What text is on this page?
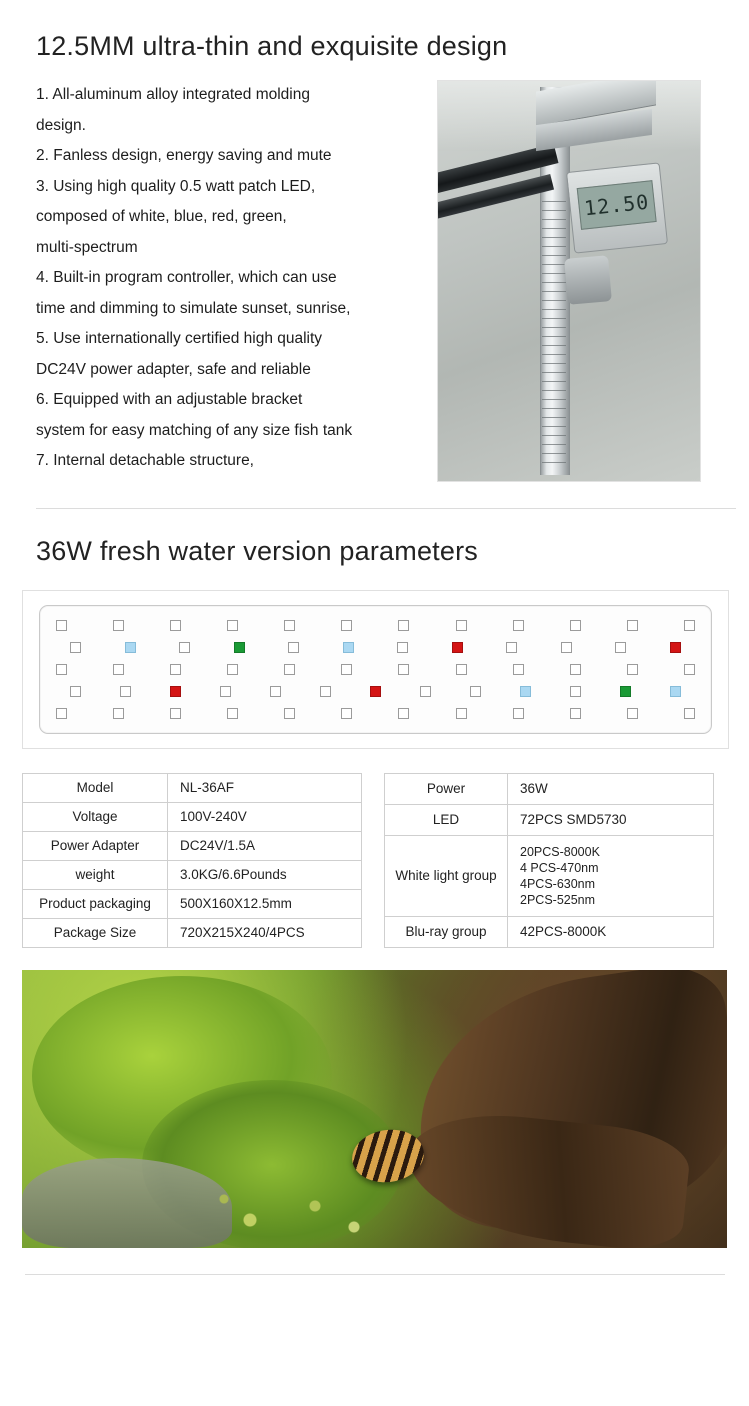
12.5MM ultra-thin and exquisite design
1. All-aluminum alloy integrated molding
design.
2. Fanless design, energy saving and mute
3. Using high quality 0.5 watt patch LED,
composed of white, blue, red, green,
multi-spectrum
4. Built-in program controller, which can use
time and dimming to simulate sunset, sunrise,
5. Use internationally certified high quality
DC24V power adapter, safe and reliable
6. Equipped with an adjustable bracket
system for easy matching of any size fish tank
7. Internal detachable structure,
12.50
36W fresh water version parameters
Model	NL-36AF
Voltage	100V-240V
Power Adapter	DC24V/1.5A
weight	3.0KG/6.6Pounds
Product packaging	500X160X12.5mm
Package Size	720X215X240/4PCS
Power	36W
LED	72PCS SMD5730
White light group	20PCS-8000K
4 PCS-470nm
4PCS-630nm
2PCS-525nm

Blu-ray group	42PCS-8000K
